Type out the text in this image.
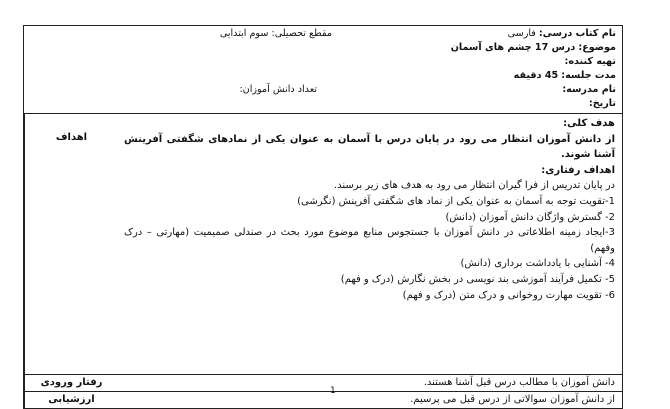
نام کتاب درسی: فارسی
مقطع تحصیلی: سوم ابتدایی
موضوع: درس 17 چشم های آسمان
تهیه کننده:
مدت جلسه: 45 دقیقه
نام مدرسه:
تعداد دانش آموزان:
تاریخ:

هدف کلی:

از دانش آموزان انتظار می رود در پایان درس با آسمان به عنوان یکی از نمادهای شگفتی آفرینش آشنا شوند.

اهداف رفتاری:

در پایان تدریس از فرا گیران انتظار می رود به هدف های زیر برسند.

1-تقویت توجه به آسمان به عنوان یکی از نماد های شگفتی آفرینش (نگرشی)

2- گسترش واژگان دانش آموزان (دانش)

3-ایجاد زمینه اطلاعاتی در دانش آموزان با جستجوس منابع موضوع مورد بحث در صندلی صمیمیت (مهارتی – درک وفهم)

4- آشنایی با یادداشت برداری (دانش)

5- تکمیل فرآیند آموزشی بند نویسی در بخش نگارش (درک و فهم)

6- تقویت مهارت روخوانی و درک متن (درک و فهم)

اهداف
دانش آموزان با مطالب درس قبل آشنا هستند.
رفتار ورودی
از دانش آموزان سوالاتی از درس قبل می پرسیم.
ارزشیابی
1
